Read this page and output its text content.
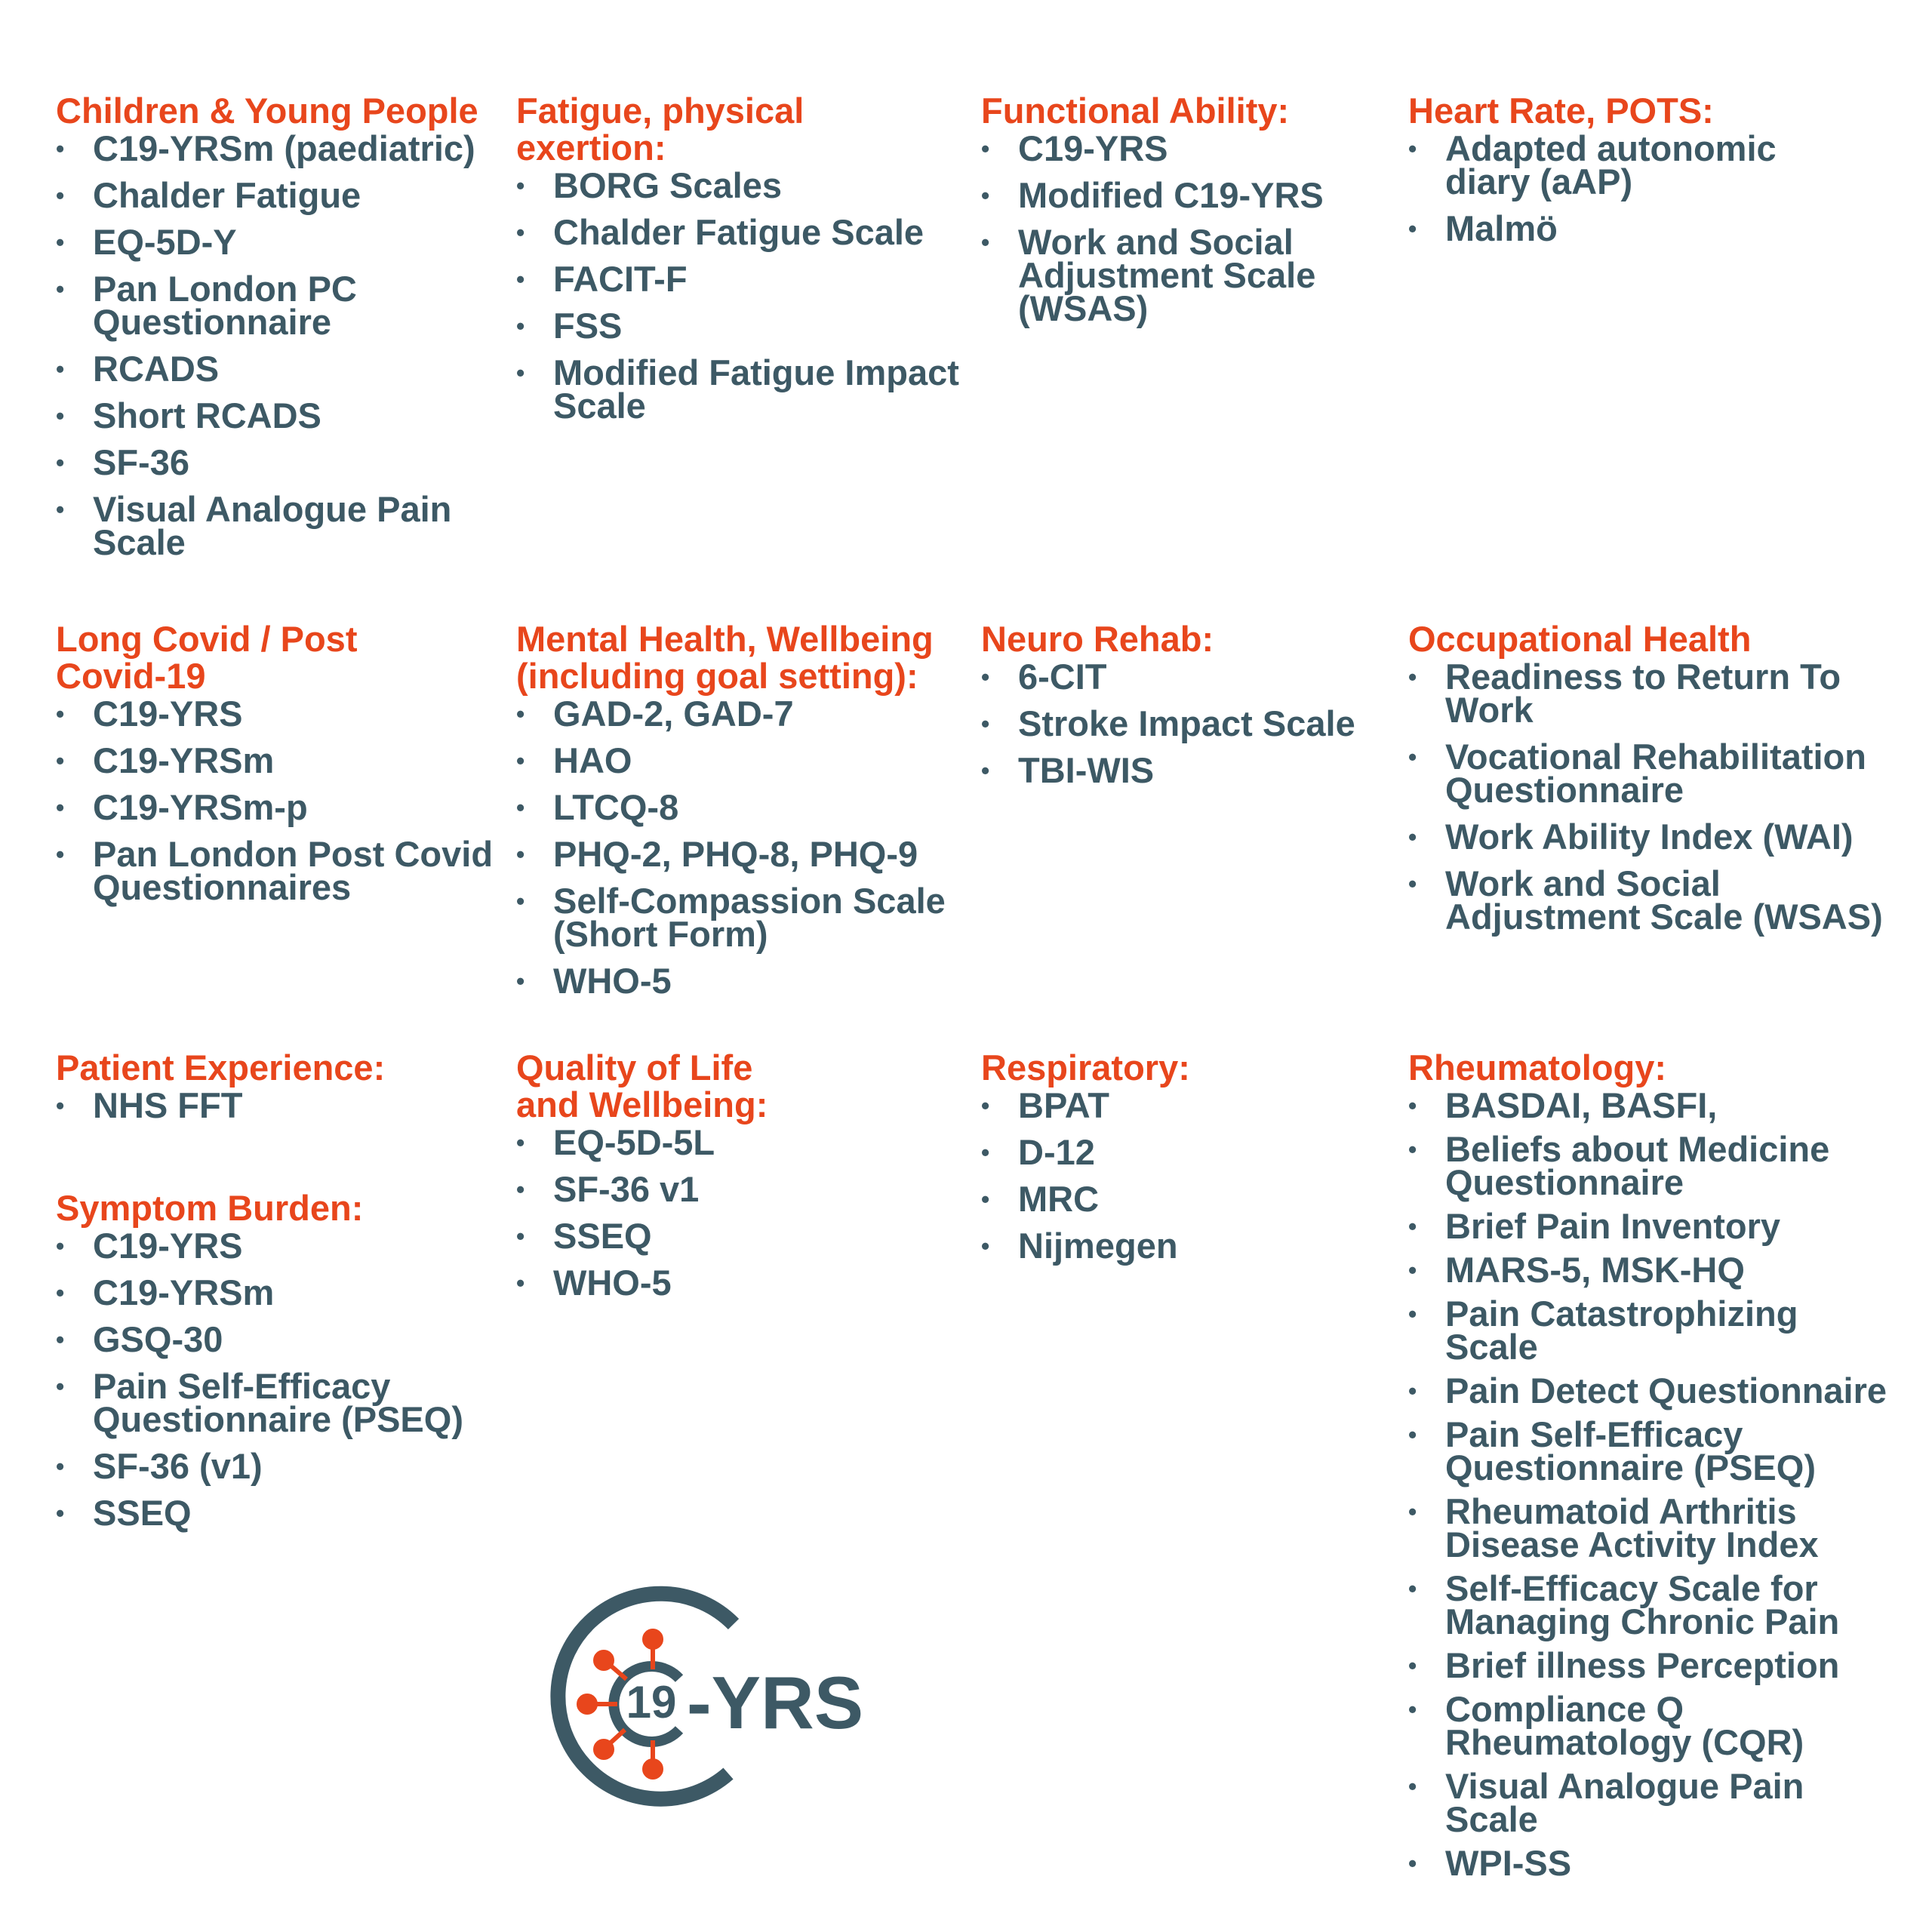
Children & Young People
• C19-YRSm (paediatric)
• Chalder Fatigue
• EQ-5D-Y
• Pan London PC Questionnaire
• RCADS
• Short RCADS
• SF-36
• Visual Analogue Pain Scale
Fatigue, physical exertion:
• BORG Scales
• Chalder Fatigue Scale
• FACIT-F
• FSS
• Modified Fatigue Impact Scale
Functional Ability:
• C19-YRS
• Modified C19-YRS
• Work and Social Adjustment Scale (WSAS)
Heart Rate, POTS:
• Adapted autonomic diary (aAP)
• Malmö
Long Covid / Post Covid-19
• C19-YRS
• C19-YRSm
• C19-YRSm-p
• Pan London Post Covid Questionnaires
Mental Health, Wellbeing (including goal setting):
• GAD-2, GAD-7
• HAO
• LTCQ-8
• PHQ-2, PHQ-8, PHQ-9
• Self-Compassion Scale (Short Form)
• WHO-5
Neuro Rehab:
• 6-CIT
• Stroke Impact Scale
• TBI-WIS
Occupational Health
• Readiness to Return To Work
• Vocational Rehabilitation Questionnaire
• Work Ability Index (WAI)
• Work and Social Adjustment Scale (WSAS)
Patient Experience:
• NHS FFT
Symptom Burden:
• C19-YRS
• C19-YRSm
• GSQ-30
• Pain Self-Efficacy Questionnaire (PSEQ)
• SF-36 (v1)
• SSEQ
Quality of Life and Wellbeing:
• EQ-5D-5L
• SF-36 v1
• SSEQ
• WHO-5
Respiratory:
• BPAT
• D-12
• MRC
• Nijmegen
Rheumatology:
• BASDAI, BASFI,
• Beliefs about Medicine Questionnaire
• Brief Pain Inventory
• MARS-5, MSK-HQ
• Pain Catastrophizing Scale
• Pain Detect Questionnaire
• Pain Self-Efficacy Questionnaire (PSEQ)
• Rheumatoid Arthritis Disease Activity Index
• Self-Efficacy Scale for Managing Chronic Pain
• Brief illness Perception
• Compliance Q Rheumatology (CQR)
• Visual Analogue Pain Scale
• WPI-SS
19 -YRS
